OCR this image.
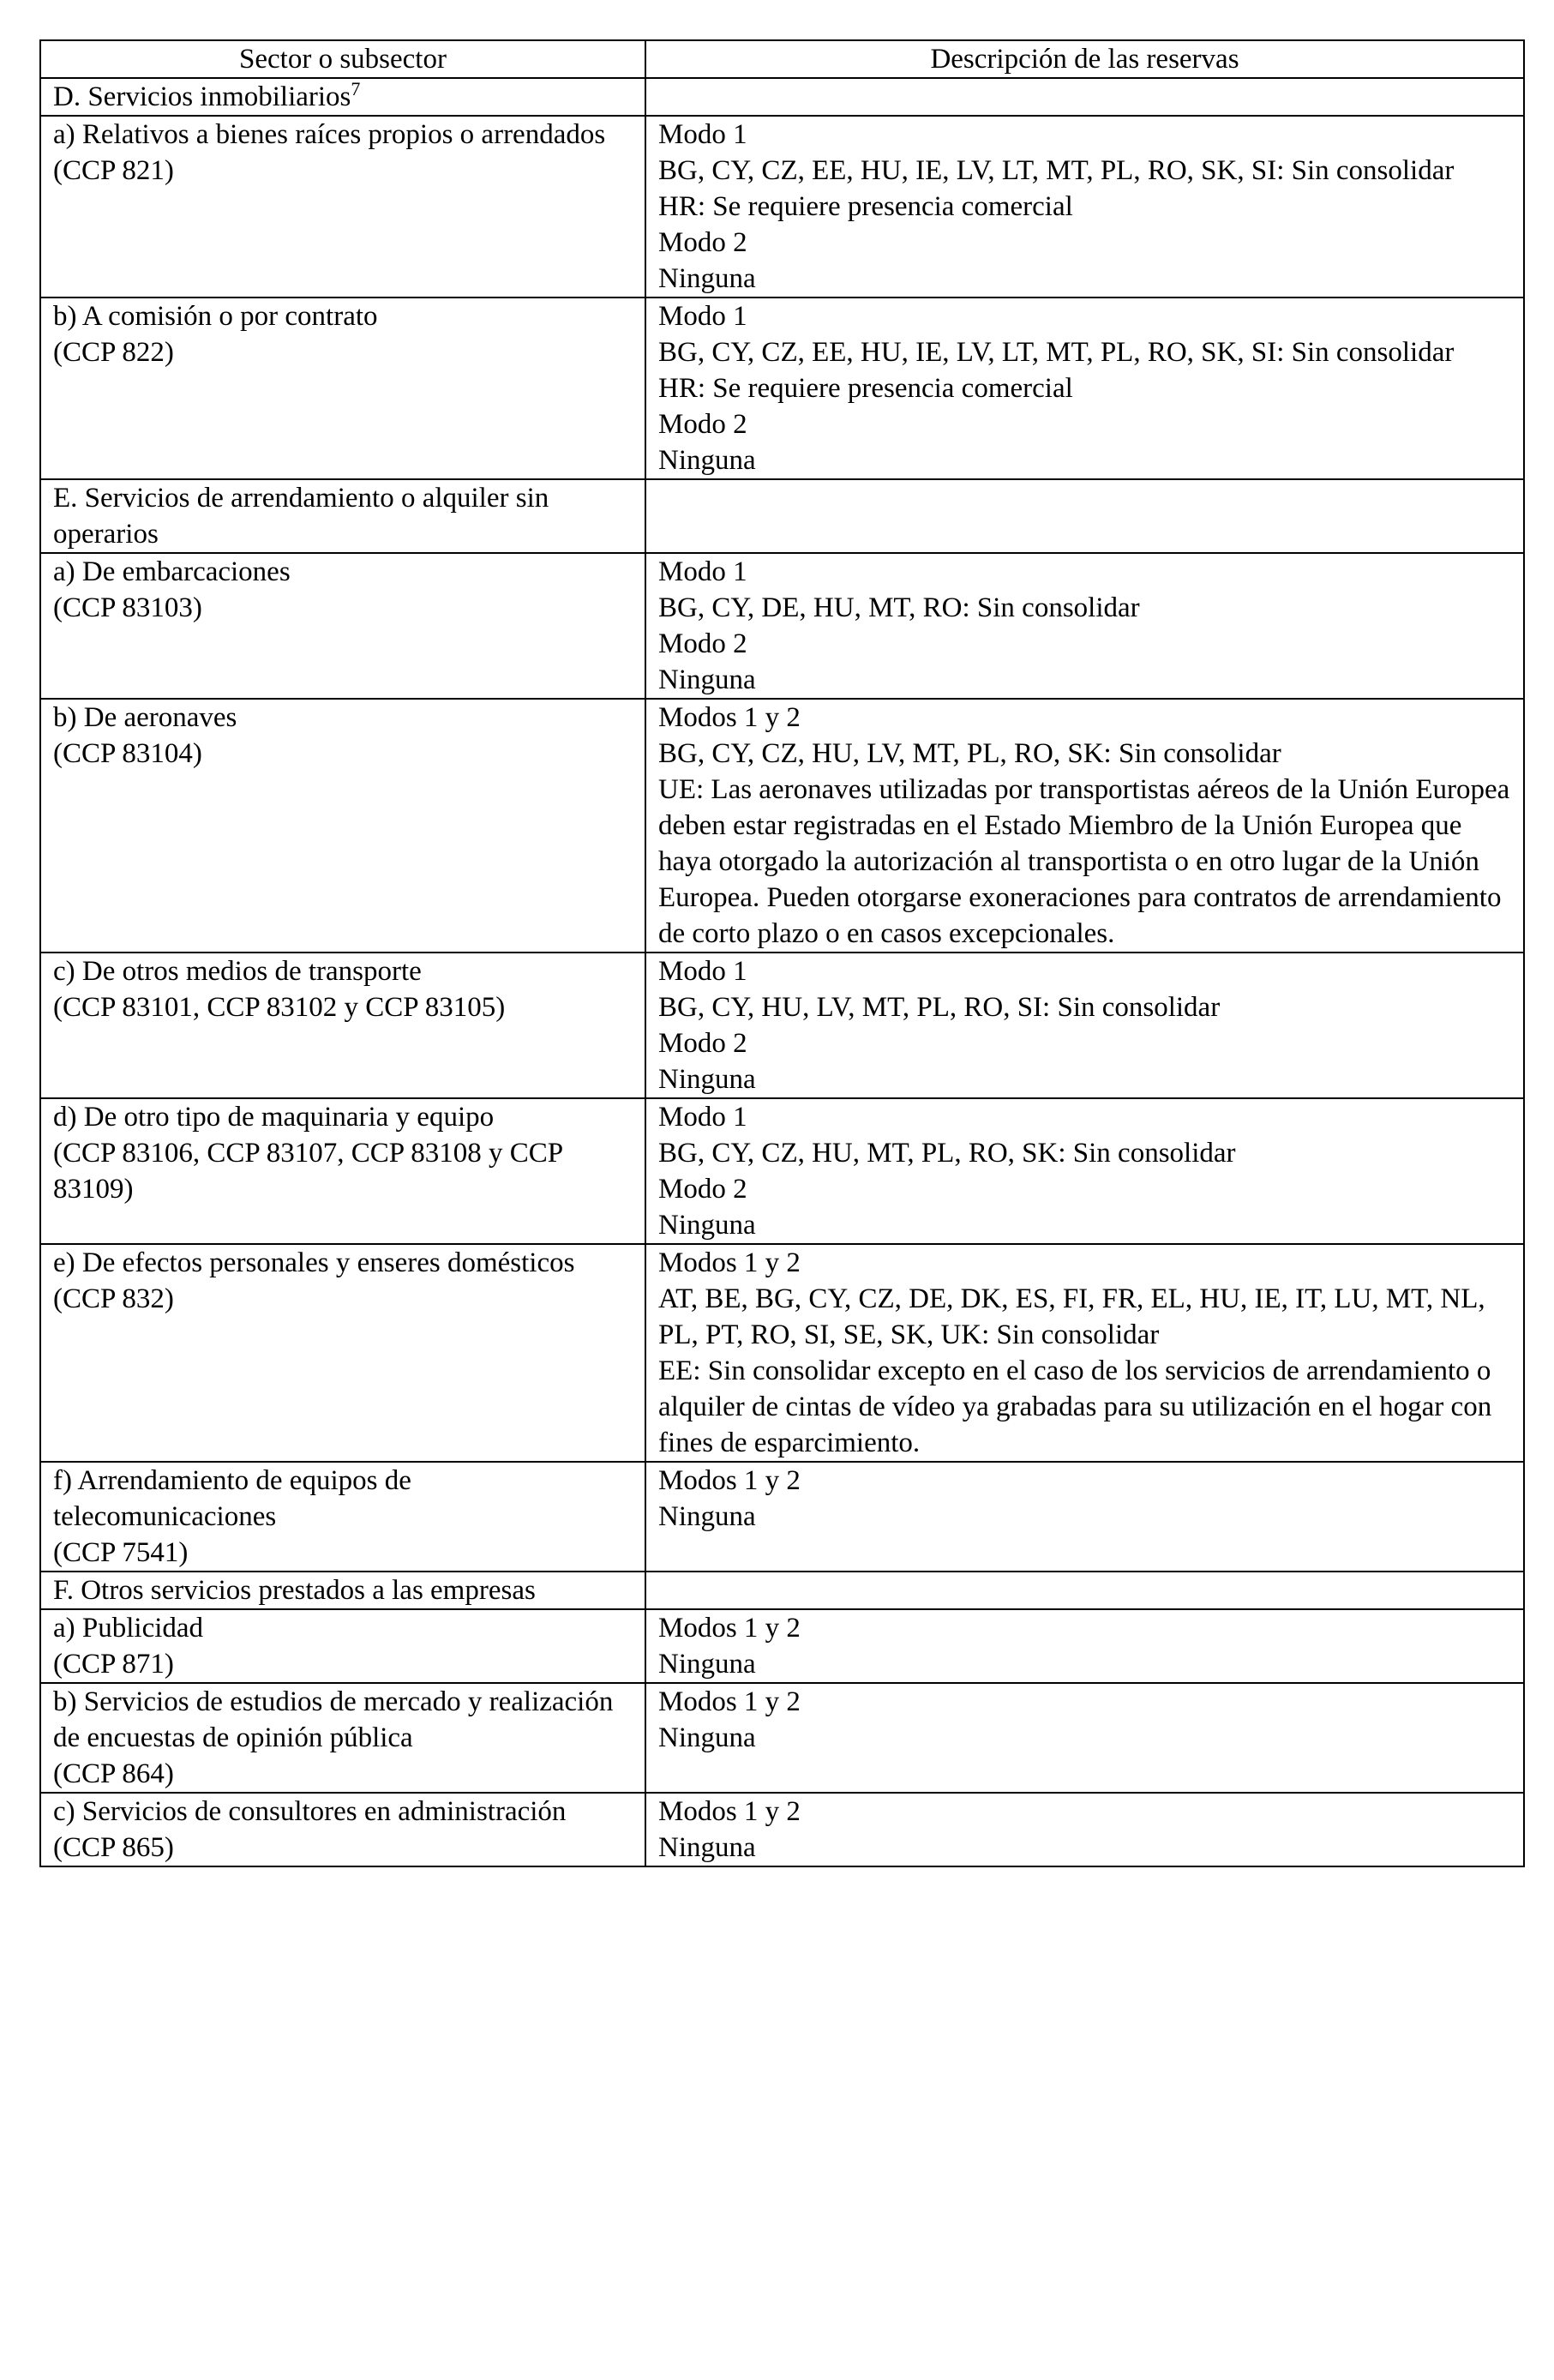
Sector o subsector	Descripción de las reservas

D. Servicios inmobiliarios$^7$

a) Relativos a bienes raíces propios o arrendados
(CCP 821)	Modo 1
BG, CY, CZ, EE, HU, IE, LV, LT, MT, PL, RO, SK, SI: Sin consolidar
HR: Se requiere presencia comercial
Modo 2
Ninguna

b) A comisión o por contrato
(CCP 822)	Modo 1
BG, CY, CZ, EE, HU, IE, LV, LT, MT, PL, RO, SK, SI: Sin consolidar
HR: Se requiere presencia comercial
Modo 2
Ninguna

E. Servicios de arrendamiento o alquiler sin operarios	

a) De embarcaciones
(CCP 83103)	Modo 1
BG, CY, DE, HU, MT, RO: Sin consolidar
Modo 2
Ninguna

b) De aeronaves
(CCP 83104)	Modos 1 y 2
BG, CY, CZ, HU, LV, MT, PL, RO, SK: Sin consolidar
UE: Las aeronaves utilizadas por transportistas aéreos de la Unión Europea deben estar registradas en el Estado Miembro de la Unión Europea que haya otorgado la autorización al transportista o en otro lugar de la Unión Europea. Pueden otorgarse exoneraciones para contratos de arrendamiento de corto plazo o en casos excepcionales.

c) De otros medios de transporte
(CCP 83101, CCP 83102 y CCP 83105)	Modo 1
BG, CY, HU, LV, MT, PL, RO, SI: Sin consolidar
Modo 2
Ninguna

d) De otro tipo de maquinaria y equipo
(CCP 83106, CCP 83107, CCP 83108 y CCP 83109)	Modo 1
BG, CY, CZ, HU, MT, PL, RO, SK: Sin consolidar
Modo 2
Ninguna

e) De efectos personales y enseres domésticos
(CCP 832)	Modos 1 y 2
AT, BE, BG, CY, CZ, DE, DK, ES, FI, FR, EL, HU, IE, IT, LU, MT, NL, PL, PT, RO, SI, SE, SK, UK: Sin consolidar
EE: Sin consolidar excepto en el caso de los servicios de arrendamiento o alquiler de cintas de vídeo ya grabadas para su utilización en el hogar con fines de esparcimiento.

f) Arrendamiento de equipos de telecomunicaciones
(CCP 7541)	Modos 1 y 2
Ninguna

F. Otros servicios prestados a las empresas	

a) Publicidad
(CCP 871)	Modos 1 y 2
Ninguna

b) Servicios de estudios de mercado y realización de encuestas de opinión pública
(CCP 864)	Modos 1 y 2
Ninguna

c) Servicios de consultores en administración
(CCP 865)	Modos 1 y 2
Ninguna
